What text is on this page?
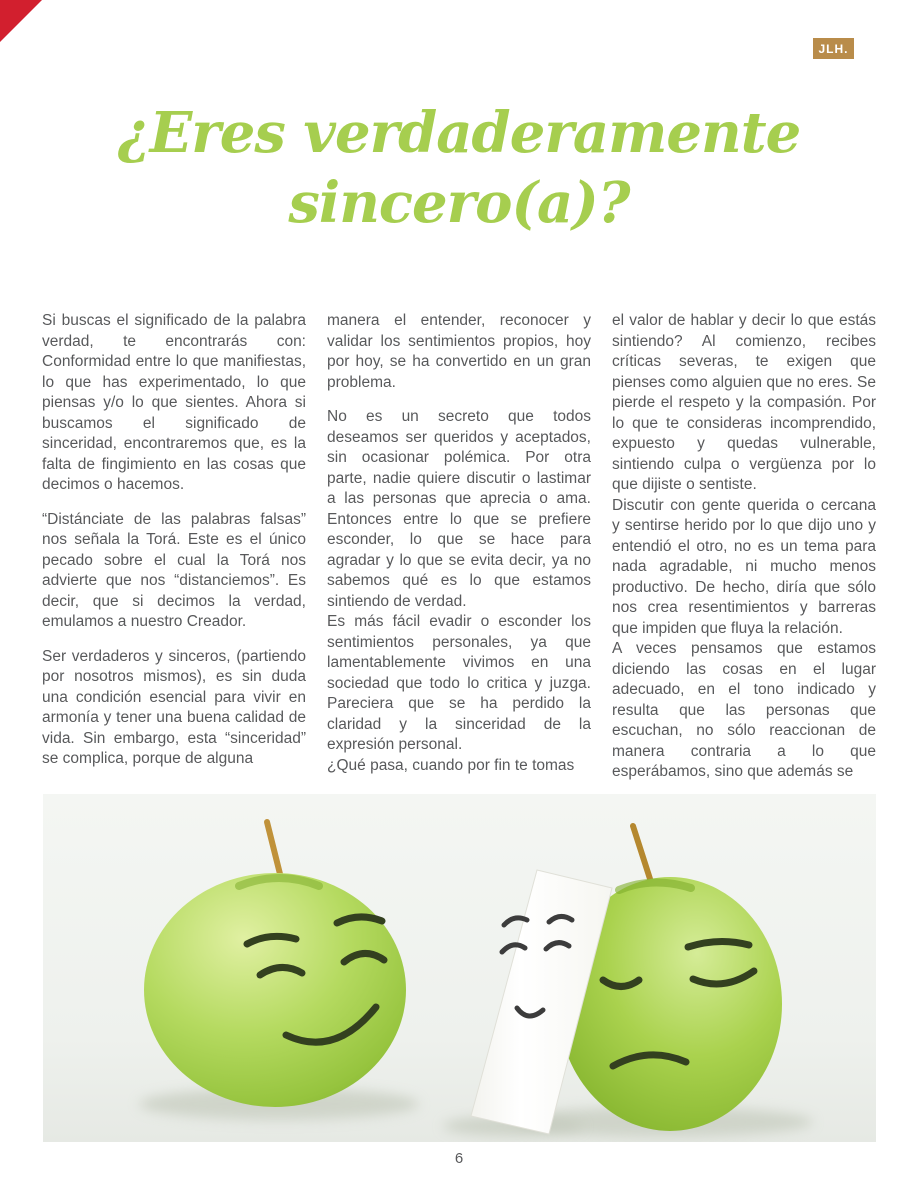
JLH.
¿Eres verdaderamente
sincero(a)?

Si buscas el significado de la palabra verdad, te encontrarás con: Conformidad entre lo que manifiestas, lo que has experimentado, lo que piensas y/o lo que sientes. Ahora si buscamos el significado de sinceridad, encontraremos que, es la falta de fingimiento en las cosas que decimos o hacemos.

“Distánciate de las palabras falsas” nos señala la Torá. Este es el único pecado sobre el cual la Torá nos advierte que nos “distanciemos”. Es decir, que si decimos la verdad, emulamos a nuestro Creador.

Ser verdaderos y sinceros, (partiendo por nosotros mismos), es sin duda una condición esencial para vivir en armonía y tener una buena calidad de vida. Sin embargo, esta “sinceridad” se complica, porque de alguna

manera el entender, reconocer y validar los sentimientos propios, hoy por hoy, se ha convertido en un gran problema.

No es un secreto que todos deseamos ser queridos y aceptados, sin ocasionar polémica. Por otra parte, nadie quiere discutir o lastimar a las personas que aprecia o ama. Entonces entre lo que se prefiere esconder, lo que se hace para agradar y lo que se evita decir, ya no sabemos qué es lo que estamos sintiendo de verdad.

Es más fácil evadir o esconder los sentimientos personales, ya que lamentablemente vivimos en una sociedad que todo lo critica y juzga. Pareciera que se ha perdido la claridad y la sinceridad de la expresión personal.

¿Qué pasa, cuando por fin te tomas

el valor de hablar y decir lo que estás sintiendo? Al comienzo, recibes críticas severas, te exigen que pienses como alguien que no eres. Se pierde el respeto y la compasión. Por lo que te consideras incomprendido, expuesto y quedas vulnerable, sintiendo culpa o vergüenza por lo que dijiste o sentiste.

Discutir con gente querida o cercana y sentirse herido por lo que dijo uno y entendió el otro, no es un tema para nada agradable, ni mucho menos productivo. De hecho, diría que sólo nos crea resentimientos y barreras que impiden que fluya la relación.

A veces pensamos que estamos diciendo las cosas en el lugar adecuado, en el tono indicado y resulta que las personas que escuchan, no sólo reaccionan de manera contraria a lo que esperábamos, sino que además se

6
